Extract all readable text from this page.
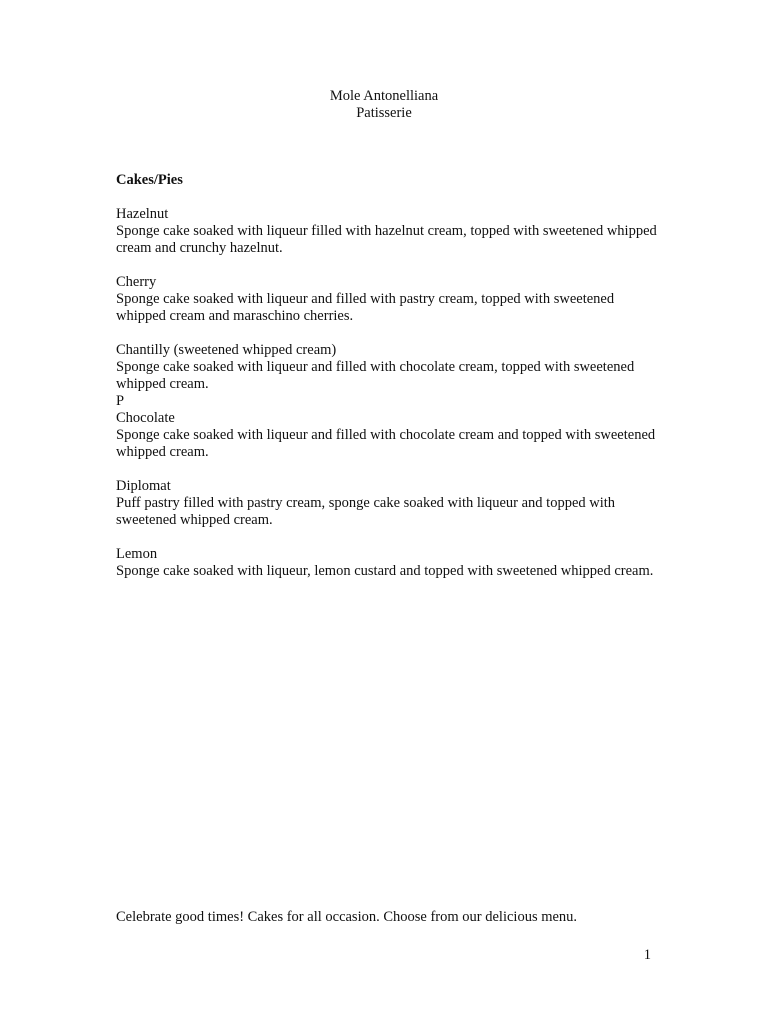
Mole Antonelliana
Patisserie
Cakes/Pies
Hazelnut
Sponge cake soaked with liqueur filled with hazelnut cream, topped with sweetened whipped cream and crunchy hazelnut.
Cherry
Sponge cake soaked with liqueur and filled with pastry cream, topped with sweetened whipped cream and maraschino cherries.
Chantilly (sweetened whipped cream)
Sponge cake soaked with liqueur and filled with chocolate cream, topped with sweetened whipped cream.
P
Chocolate
Sponge cake soaked with liqueur and filled with chocolate cream and topped with sweetened whipped cream.
Diplomat
Puff pastry filled with pastry cream, sponge cake soaked with liqueur and topped with sweetened whipped cream.
Lemon
Sponge cake soaked with liqueur, lemon custard and topped with sweetened whipped cream.
Celebrate good times! Cakes for all occasion. Choose from our delicious menu.
1
